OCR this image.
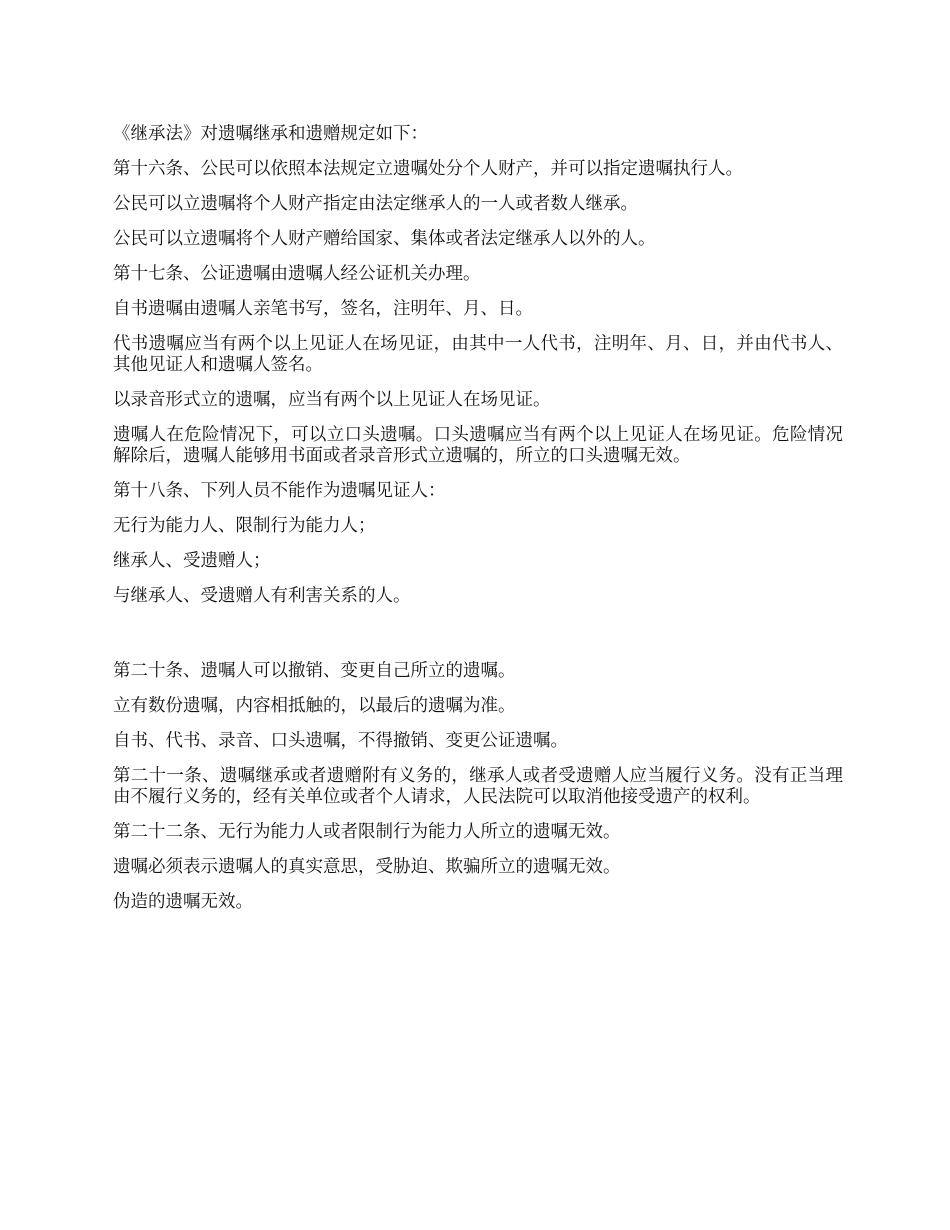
《继承法》对遗嘱继承和遗赠规定如下：

第十六条、公民可以依照本法规定立遗嘱处分个人财产，并可以指定遗嘱执行人。

公民可以立遗嘱将个人财产指定由法定继承人的一人或者数人继承。

公民可以立遗嘱将个人财产赠给国家、集体或者法定继承人以外的人。

第十七条、公证遗嘱由遗嘱人经公证机关办理。

自书遗嘱由遗嘱人亲笔书写，签名，注明年、月、日。

代书遗嘱应当有两个以上见证人在场见证，由其中一人代书，注明年、月、日，并由代书人、其他见证人和遗嘱人签名。

以录音形式立的遗嘱，应当有两个以上见证人在场见证。

遗嘱人在危险情况下，可以立口头遗嘱。口头遗嘱应当有两个以上见证人在场见证。危险情况解除后，遗嘱人能够用书面或者录音形式立遗嘱的，所立的口头遗嘱无效。

第十八条、下列人员不能作为遗嘱见证人：

无行为能力人、限制行为能力人；

继承人、受遗赠人；

与继承人、受遗赠人有利害关系的人。

第二十条、遗嘱人可以撤销、变更自己所立的遗嘱。

立有数份遗嘱，内容相抵触的，以最后的遗嘱为准。

自书、代书、录音、口头遗嘱，不得撤销、变更公证遗嘱。

第二十一条、遗嘱继承或者遗赠附有义务的，继承人或者受遗赠人应当履行义务。没有正当理由不履行义务的，经有关单位或者个人请求，人民法院可以取消他接受遗产的权利。

第二十二条、无行为能力人或者限制行为能力人所立的遗嘱无效。

遗嘱必须表示遗嘱人的真实意思，受胁迫、欺骗所立的遗嘱无效。

伪造的遗嘱无效。
